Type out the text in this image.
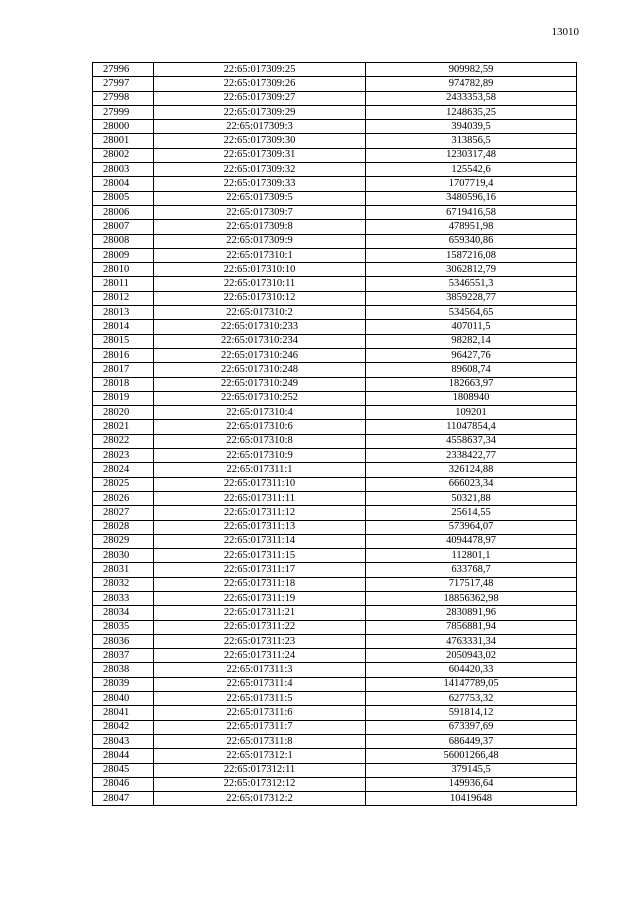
13010
27996	22:65:017309:25	909982,59
27997	22:65:017309:26	974782,89
27998	22:65:017309:27	2433353,58
27999	22:65:017309:29	1248635,25
28000	22:65:017309:3	394039,5
28001	22:65:017309:30	313856,5
28002	22:65:017309:31	1230317,48
28003	22:65:017309:32	125542,6
28004	22:65:017309:33	1707719,4
28005	22:65:017309:5	3480596,16
28006	22:65:017309:7	6719416,58
28007	22:65:017309:8	478951,98
28008	22:65:017309:9	659340,86
28009	22:65:017310:1	1587216,08
28010	22:65:017310:10	3062812,79
28011	22:65:017310:11	5346551,3
28012	22:65:017310:12	3859228,77
28013	22:65:017310:2	534564,65
28014	22:65:017310:233	407011,5
28015	22:65:017310:234	98282,14
28016	22:65:017310:246	96427,76
28017	22:65:017310:248	89608,74
28018	22:65:017310:249	182663,97
28019	22:65:017310:252	1808940
28020	22:65:017310:4	109201
28021	22:65:017310:6	11047854,4
28022	22:65:017310:8	4558637,34
28023	22:65:017310:9	2338422,77
28024	22:65:017311:1	326124,88
28025	22:65:017311:10	666023,34
28026	22:65:017311:11	50321,88
28027	22:65:017311:12	25614,55
28028	22:65:017311:13	573964,07
28029	22:65:017311:14	4094478,97
28030	22:65:017311:15	112801,1
28031	22:65:017311:17	633768,7
28032	22:65:017311:18	717517,48
28033	22:65:017311:19	18856362,98
28034	22:65:017311:21	2830891,96
28035	22:65:017311:22	7856881,94
28036	22:65:017311:23	4763331,34
28037	22:65:017311:24	2050943,02
28038	22:65:017311:3	604420,33
28039	22:65:017311:4	14147789,05
28040	22:65:017311:5	627753,32
28041	22:65:017311:6	591814,12
28042	22:65:017311:7	673397,69
28043	22:65:017311:8	686449,37
28044	22:65:017312:1	56001266,48
28045	22:65:017312:11	379145,5
28046	22:65:017312:12	149936,64
28047	22:65:017312:2	10419648
